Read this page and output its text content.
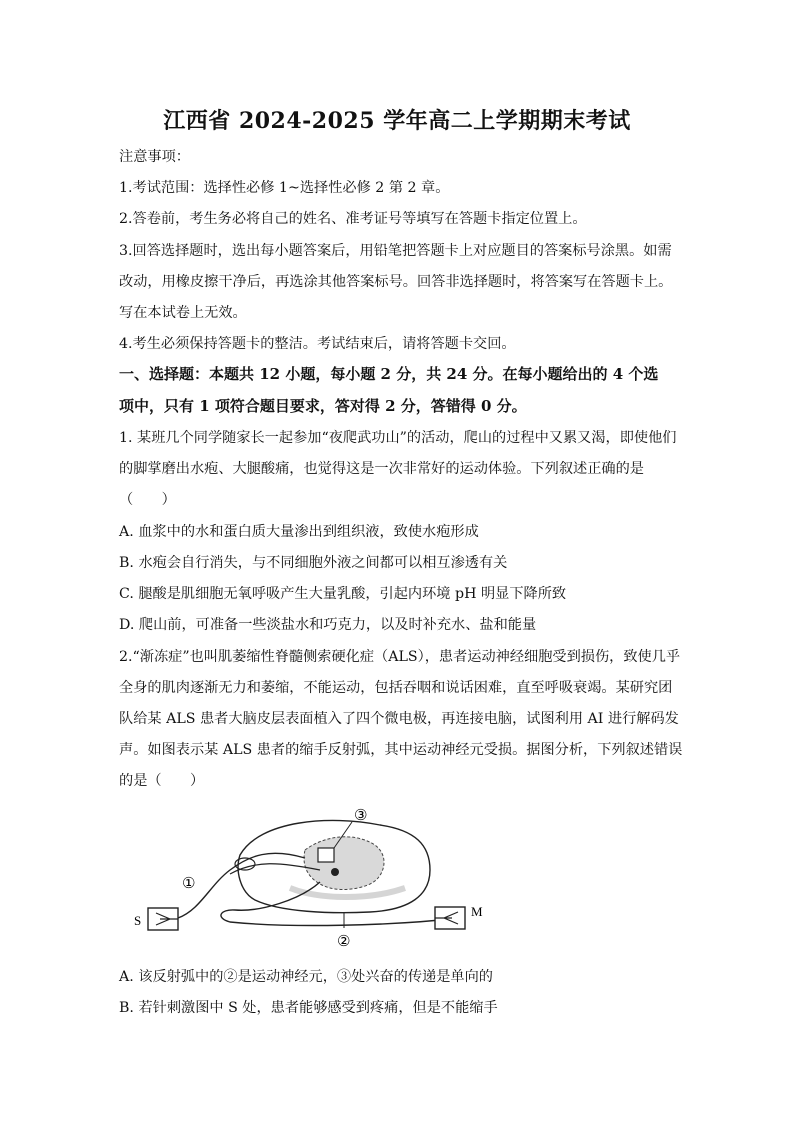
江西省 2024-2025 学年高二上学期期末考试
注意事项：
1.考试范围：选择性必修 1~选择性必修 2 第 2 章。
2.答卷前，考生务必将自己的姓名、准考证号等填写在答题卡指定位置上。
3.回答选择题时，选出每小题答案后，用铅笔把答题卡上对应题目的答案标号涂黑。如需
改动，用橡皮擦干净后，再选涂其他答案标号。回答非选择题时，将答案写在答题卡上。
写在本试卷上无效。
4.考生必须保持答题卡的整洁。考试结束后，请将答题卡交回。
一、选择题：本题共 12 小题，每小题 2 分，共 24 分。在每小题给出的 4 个选
项中，只有 1 项符合题目要求，答对得 2 分，答错得 0 分。
1. 某班几个同学随家长一起参加“夜爬武功山”的活动，爬山的过程中又累又渴，即使他们
的脚掌磨出水疱、大腿酸痛，也觉得这是一次非常好的运动体验。下列叙述正确的是
（　　）
A. 血浆中的水和蛋白质大量渗出到组织液，致使水疱形成
B. 水疱会自行消失，与不同细胞外液之间都可以相互渗透有关
C. 腿酸是肌细胞无氧呼吸产生大量乳酸，引起内环境 pH 明显下降所致
D. 爬山前，可准备一些淡盐水和巧克力，以及时补充水、盐和能量
2.“渐冻症”也叫肌萎缩性脊髓侧索硬化症（ALS），患者运动神经细胞受到损伤，致使几乎
全身的肌肉逐渐无力和萎缩，不能运动，包括吞咽和说话困难，直至呼吸衰竭。某研究团
队给某 ALS 患者大脑皮层表面植入了四个微电极，再连接电脑，试图利用 AI 进行解码发
声。如图表示某 ALS 患者的缩手反射弧，其中运动神经元受损。据图分析，下列叙述错误
的是（　　）
①
②
③
S
M
A. 该反射弧中的②是运动神经元，③处兴奋的传递是单向的
B. 若针刺激图中 S 处，患者能够感受到疼痛，但是不能缩手
